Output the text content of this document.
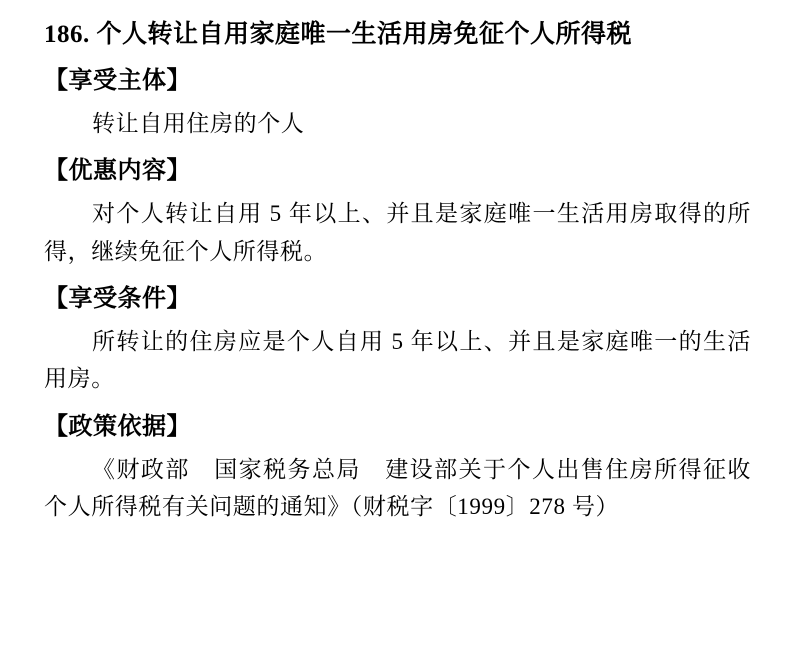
186. 个人转让自用家庭唯一生活用房免征个人所得税
【享受主体】

转让自用住房的个人

【优惠内容】

对个人转让自用 5 年以上、并且是家庭唯一生活用房取得的所得，继续免征个人所得税。

【享受条件】

所转让的住房应是个人自用 5 年以上、并且是家庭唯一的生活用房。

【政策依据】

《财政部　国家税务总局　建设部关于个人出售住房所得征收个人所得税有关问题的通知》（财税字〔1999〕278 号）
